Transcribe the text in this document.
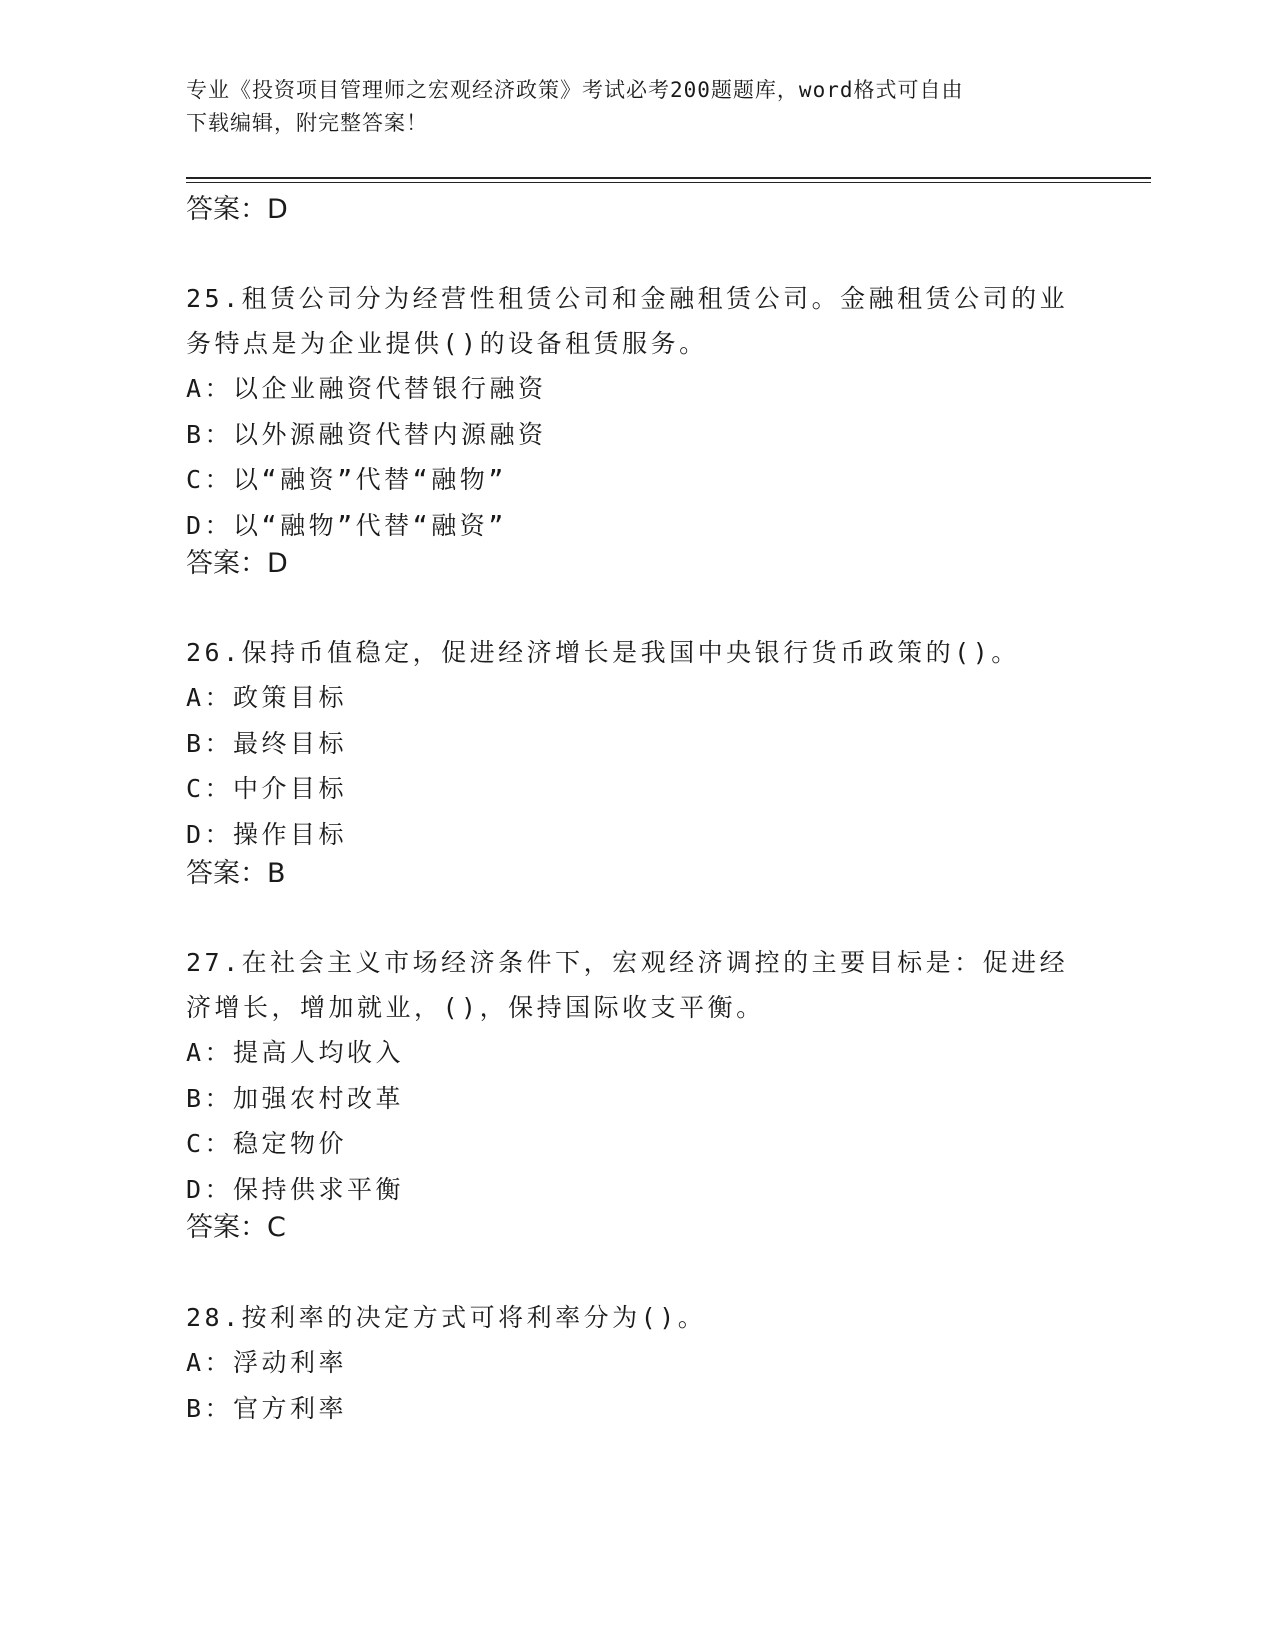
专业《投资项目管理师之宏观经济政策》考试必考200题题库，word格式可自由
下载编辑，附完整答案！
答案：D

25.租赁公司分为经营性租赁公司和金融租赁公司。金融租赁公司的业

务特点是为企业提供()的设备租赁服务。

A：以企业融资代替银行融资

B：以外源融资代替内源融资

C：以“融资”代替“融物”

D：以“融物”代替“融资”

答案：D

26.保持币值稳定，促进经济增长是我国中央银行货币政策的()。

A：政策目标

B：最终目标

C：中介目标

D：操作目标

答案：B

27.在社会主义市场经济条件下，宏观经济调控的主要目标是：促进经

济增长，增加就业，()，保持国际收支平衡。

A：提高人均收入

B：加强农村改革

C：稳定物价

D：保持供求平衡

答案：C

28.按利率的决定方式可将利率分为()。

A：浮动利率

B：官方利率
